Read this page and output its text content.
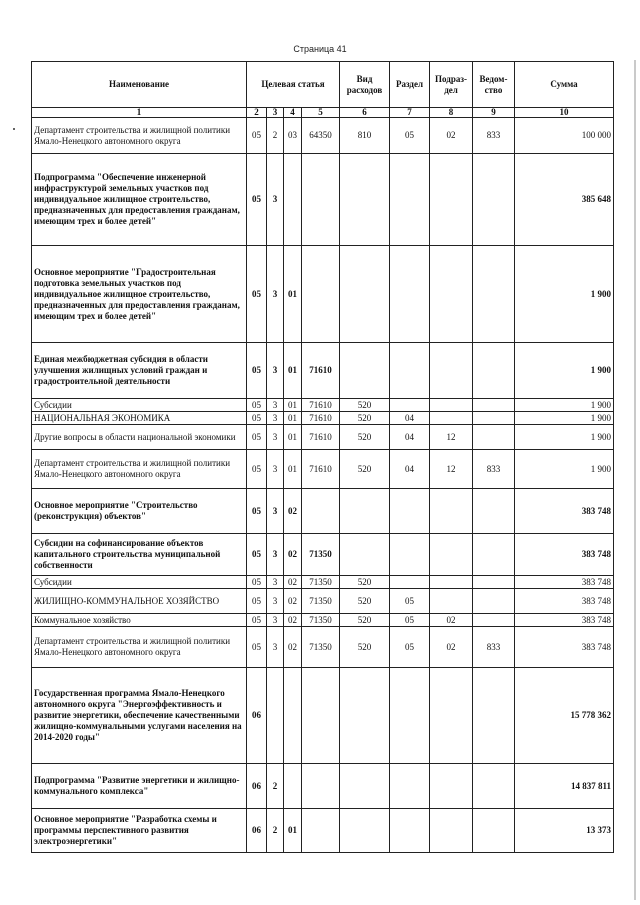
Страница 41
Наименование	Целевая статья				Вид расходов	Раздел	Подраз-дел	Ведом-ство	Сумма
1	2	3	4	5	6	7	8	9	10
Департамент строительства и жилищной политики Ямало-Ненецкого автономного округа	05	2	03	64350	810	05	02	833	100 000
Подпрограмма "Обеспечение инженерной инфраструктурой земельных участков под индивидуальное жилищное строительство, предназначенных для предоставления гражданам, имеющим трех и более детей"	05	3							385 648
Основное мероприятие "Градостроительная подготовка земельных участков под индивидуальное жилищное строительство, предназначенных для предоставления гражданам, имеющим трех и более детей"	05	3	01						1 900
Единая межбюджетная субсидия в области улучшения жилищных условий граждан и градостроительной деятельности	05	3	01	71610					1 900
Субсидии	05	3	01	71610	520				1 900
НАЦИОНАЛЬНАЯ ЭКОНОМИКА	05	3	01	71610	520	04			1 900
Другие вопросы в области национальной экономики	05	3	01	71610	520	04	12		1 900
Департамент строительства и жилищной политики Ямало-Ненецкого автономного округа	05	3	01	71610	520	04	12	833	1 900
Основное мероприятие "Строительство (реконструкция) объектов"	05	3	02						383 748
Субсидии на софинансирование объектов капитального строительства муниципальной собственности	05	3	02	71350					383 748
Субсидии	05	3	02	71350	520				383 748
ЖИЛИЩНО-КОММУНАЛЬНОЕ ХОЗЯЙСТВО	05	3	02	71350	520	05			383 748
Коммунальное хозяйство	05	3	02	71350	520	05	02		383 748
Департамент строительства и жилищной политики Ямало-Ненецкого автономного округа	05	3	02	71350	520	05	02	833	383 748
Государственная программа Ямало-Ненецкого автономного округа "Энергоэффективность и развитие энергетики, обеспечение качественными жилищно-коммунальными услугами населения на 2014-2020 годы"	06								15 778 362
Подпрограмма "Развитие энергетики и жилищно-коммунального комплекса"	06	2							14 837 811
Основное мероприятие "Разработка схемы и программы перспективного развития электроэнергетики"	06	2	01						13 373
